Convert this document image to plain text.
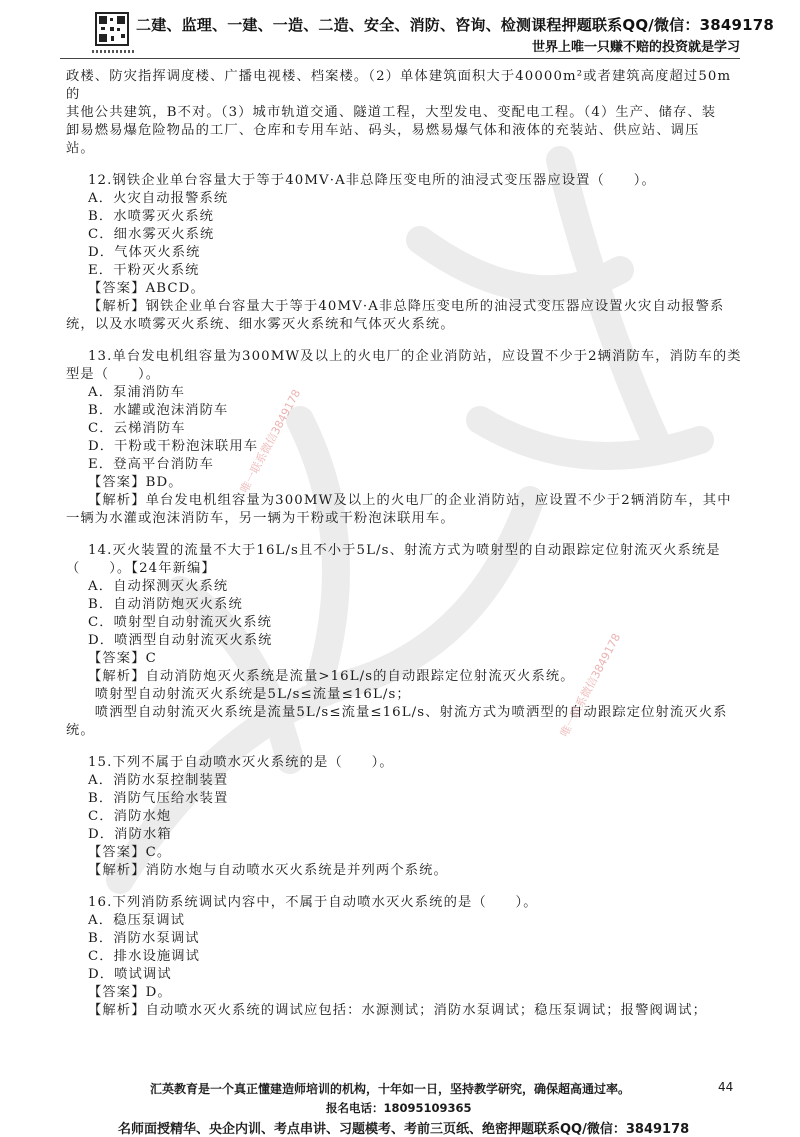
唯一联系微信3849178
唯一联系微信3849178
二建、监理、一建、一造、二造、安全、消防、咨询、检测课程押题联系QQ/微信：3849178
世界上唯一只赚不赔的投资就是学习

政楼、防灾指挥调度楼、广播电视楼、档案楼。（2）单体建筑面积大于40000m²或者建筑高度超过50m的

其他公共建筑，B不对。（3）城市轨道交通、隧道工程，大型发电、变配电工程。（4）生产、储存、装

卸易燃易爆危险物品的工厂、仓库和专用车站、码头，易燃易爆气体和液体的充装站、供应站、调压

站。

12.钢铁企业单台容量大于等于40MV·A非总降压变电所的油浸式变压器应设置（　　）。

A．火灾自动报警系统

B．水喷雾灭火系统

C．细水雾灭火系统

D．气体灭火系统

E．干粉灭火系统

【答案】ABCD。

【解析】钢铁企业单台容量大于等于40MV·A非总降压变电所的油浸式变压器应设置火灾自动报警系

统，以及水喷雾灭火系统、细水雾灭火系统和气体灭火系统。

13.单台发电机组容量为300MW及以上的火电厂的企业消防站，应设置不少于2辆消防车，消防车的类

型是（　　）。

A．泵浦消防车

B．水罐或泡沫消防车

C．云梯消防车

D．干粉或干粉泡沫联用车

E．登高平台消防车

【答案】BD。

【解析】单台发电机组容量为300MW及以上的火电厂的企业消防站，应设置不少于2辆消防车，其中

一辆为水灌或泡沫消防车，另一辆为干粉或干粉泡沫联用车。

14.灭火装置的流量不大于16L/s且不小于5L/s、射流方式为喷射型的自动跟踪定位射流灭火系统是

（　　）。【24年新编】

A．自动探测灭火系统

B．自动消防炮灭火系统

C．喷射型自动射流灭火系统

D．喷洒型自动射流灭火系统

【答案】C

【解析】自动消防炮灭火系统是流量>16L/s的自动跟踪定位射流灭火系统。

　　喷射型自动射流灭火系统是5L/s≤流量≤16L/s；

　　喷洒型自动射流灭火系统是流量5L/s≤流量≤16L/s、射流方式为喷洒型的自动跟踪定位射流灭火系

统。

15.下列不属于自动喷水灭火系统的是（　　）。

A．消防水泵控制装置

B．消防气压给水装置

C．消防水炮

D．消防水箱

【答案】C。

【解析】消防水炮与自动喷水灭火系统是并列两个系统。

16.下列消防系统调试内容中，不属于自动喷水灭火系统的是（　　）。

A．稳压泵调试

B．消防水泵调试

C．排水设施调试

D．喷试调试

【答案】D。

【解析】自动喷水灭火系统的调试应包括：水源测试；消防水泵调试；稳压泵调试；报警阀调试；

汇英教育是一个真正懂建造师培训的机构，十年如一日，坚持教学研究，确保超高通过率。	44
报名电话：18095109365
名师面授精华、央企内训、考点串讲、习题模考、考前三页纸、绝密押题联系QQ/微信：3849178
